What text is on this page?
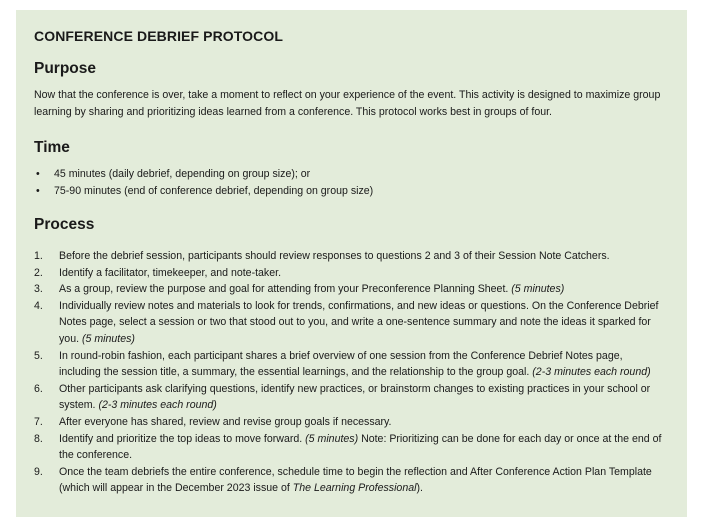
CONFERENCE DEBRIEF PROTOCOL
Purpose

Now that the conference is over, take a moment to reflect on your experience of the event. This activity is designed to maximize group learning by sharing and prioritizing ideas learned from a conference. This protocol works best in groups of four.

Time
• 45 minutes (daily debrief, depending on group size); or
• 75-90 minutes (end of conference debrief, depending on group size)
Process
1. Before the debrief session, participants should review responses to questions 2 and 3 of their Session Note Catchers.
2. Identify a facilitator, timekeeper, and note-taker.
3. As a group, review the purpose and goal for attending from your Preconference Planning Sheet. (5 minutes)
4. Individually review notes and materials to look for trends, confirmations, and new ideas or questions. On the Conference Debrief Notes page, select a session or two that stood out to you, and write a one-sentence summary and note the ideas it sparked for you. (5 minutes)
5. In round-robin fashion, each participant shares a brief overview of one session from the Conference Debrief Notes page, including the session title, a summary, the essential learnings, and the relationship to the group goal. (2-3 minutes each round)
6. Other participants ask clarifying questions, identify new practices, or brainstorm changes to existing practices in your school or system. (2-3 minutes each round)
7. After everyone has shared, review and revise group goals if necessary.
8. Identify and prioritize the top ideas to move forward. (5 minutes) Note: Prioritizing can be done for each day or once at the end of the conference.
9. Once the team debriefs the entire conference, schedule time to begin the reflection and After Conference Action Plan Template (which will appear in the December 2023 issue of The Learning Professional).
